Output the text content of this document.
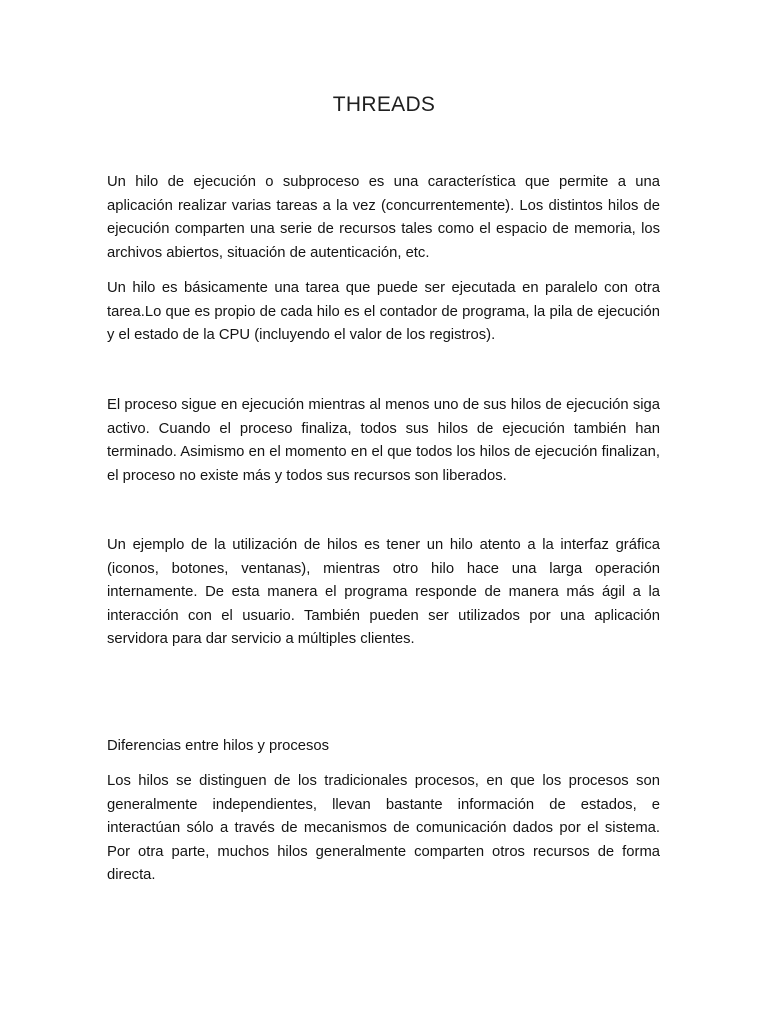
THREADS

Un hilo de ejecución o subproceso es una característica que permite a una aplicación realizar varias tareas a la vez (concurrentemente). Los distintos hilos de ejecución comparten una serie de recursos tales como el espacio de memoria, los archivos abiertos, situación de autenticación, etc.

Un hilo es básicamente una tarea que puede ser ejecutada en paralelo con otra tarea.Lo que es propio de cada hilo es el contador de programa, la pila de ejecución y el estado de la CPU (incluyendo el valor de los registros).

El proceso sigue en ejecución mientras al menos uno de sus hilos de ejecución siga activo. Cuando el proceso finaliza, todos sus hilos de ejecución también han terminado. Asimismo en el momento en el que todos los hilos de ejecución finalizan, el proceso no existe más y todos sus recursos son liberados.

Un ejemplo de la utilización de hilos es tener un hilo atento a la interfaz gráfica (iconos, botones, ventanas), mientras otro hilo hace una larga operación internamente. De esta manera el programa responde de manera más ágil a la interacción con el usuario. También pueden ser utilizados por una aplicación servidora para dar servicio a múltiples clientes.

Diferencias entre hilos y procesos

Los hilos se distinguen de los tradicionales procesos, en que los procesos son generalmente independientes, llevan bastante información de estados, e interactúan sólo a través de mecanismos de comunicación dados por el sistema. Por otra parte, muchos hilos generalmente comparten otros recursos de forma directa.
